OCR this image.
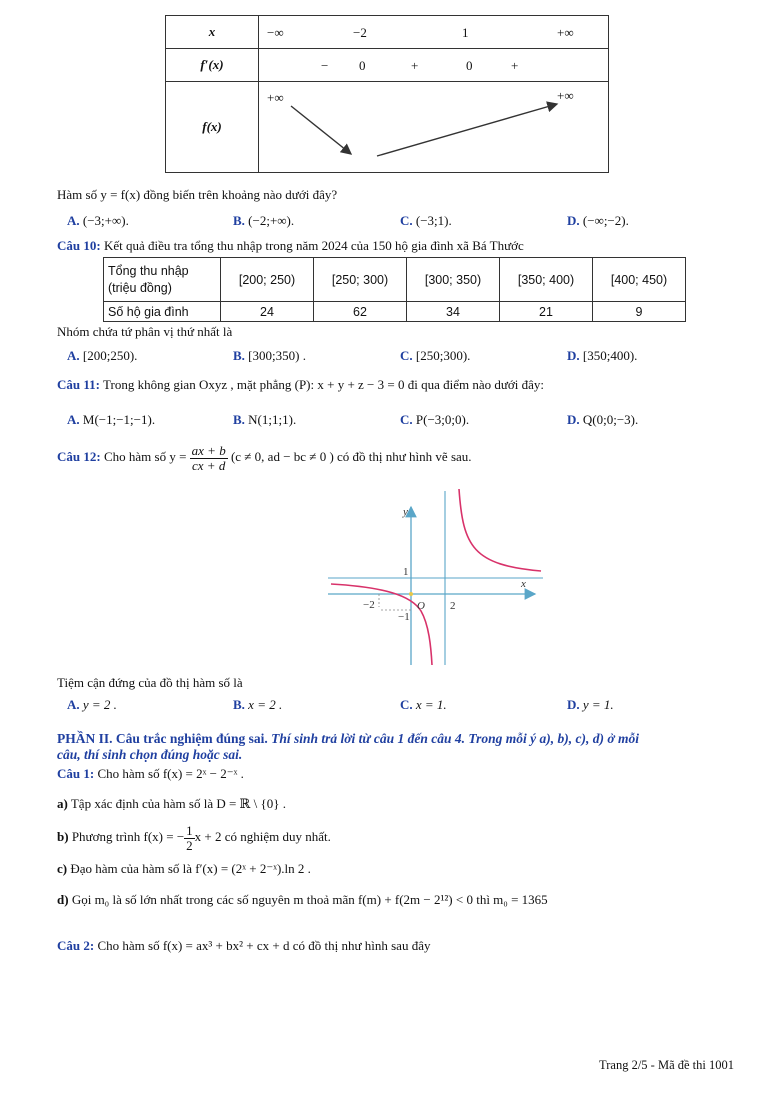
x	−∞ −2 1 +∞

f′(x)	− 0 + 0 +

f(x)	+∞ +∞
Hàm số y = f(x) đồng biến trên khoảng nào dưới đây?
A. (−3;+∞).	B. (−2;+∞).	C. (−3;1).	D. (−∞;−2).
Câu 10: Kết quả điều tra tổng thu nhập trong năm 2024 của 150 hộ gia đình xã Bá Thước
Tổng thu nhập
(triệu đồng)	[200; 250)	[250; 300)	[300; 350)	[350; 400)	[400; 450)
Số hộ gia đình	24	62	34	21	9
Nhóm chứa tứ phân vị thứ nhất là
A. [200;250).	B. [300;350) .	C. [250;300).	D. [350;400).
Câu 11: Trong không gian Oxyz , mặt phẳng (P): x + y + z − 3 = 0 đi qua điểm nào dưới đây:
A. M(−1;−1;−1).	B. N(1;1;1).	C. P(−3;0;0).	D. Q(0;0;−3).
Câu 12: Cho hàm số $y = \frac{ax + b}{cx + d} (c \ne 0$, ad − bc ≠ 0 ) có đồ thị như hình vẽ sau.
y
x
1
O
−2
−1
2
Tiệm cận đứng của đồ thị hàm số là
A. y = 2 .	B. x = 2 .	C. x = 1.	D. y = 1.
PHẦN II. Câu trắc nghiệm đúng sai. Thí sinh trả lời từ câu 1 đến câu 4. Trong mỗi ý a), b), c), d) ở mỗi
câu, thí sinh chọn đúng hoặc sai.
Câu 1: Cho hàm số f(x) = 2ˣ − 2⁻ˣ .
a) Tập xác định của hàm số là D = ℝ \ {0} .
b) Phương trình f(x) = − $\frac{1}{2}$ x + 2 có nghiệm duy nhất.
c) Đạo hàm của hàm số là f′(x) = (2ˣ + 2⁻ˣ).ln 2 .
d) Gọi m₀ là số lớn nhất trong các số nguyên m thoả mãn f(m) + f(2m − 2¹²) < 0 thì m₀ = 1365
Câu 2: Cho hàm số f(x) = ax³ + bx² + cx + d có đồ thị như hình sau đây
Trang 2/5 - Mã đề thi 1001
